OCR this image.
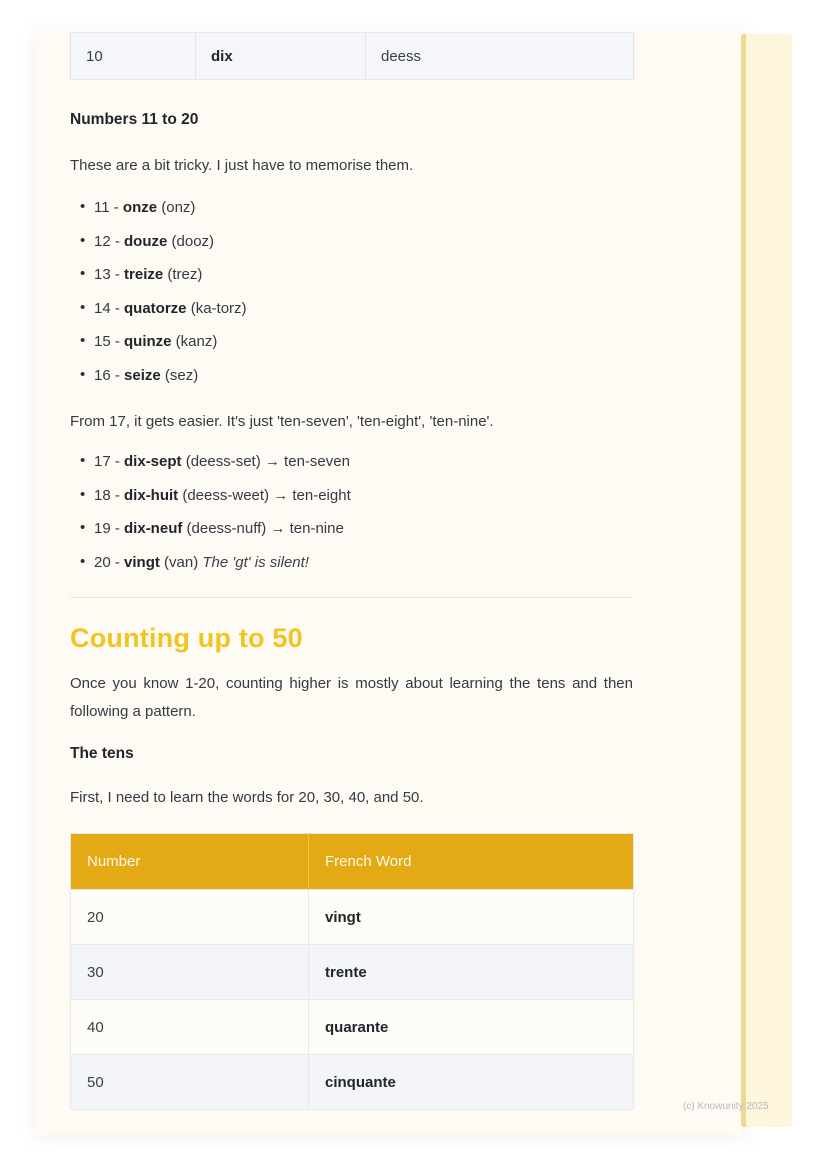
10	dix	deess
Numbers 11 to 20

These are a bit tricky. I just have to memorise them.

• 11 - onze (onz)
• 12 - douze (dooz)
• 13 - treize (trez)
• 14 - quatorze (ka-torz)
• 15 - quinze (kanz)
• 16 - seize (sez)

From 17, it gets easier. It's just 'ten-seven', 'ten-eight', 'ten-nine'.

• 17 - dix-sept (deess-set) → ten-seven
• 18 - dix-huit (deess-weet) → ten-eight
• 19 - dix-neuf (deess-nuff) → ten-nine
• 20 - vingt (van) The 'gt' is silent!
Counting up to 50

Once you know 1-20, counting higher is mostly about learning the tens and then following a pattern.

The tens

First, I need to learn the words for 20, 30, 40, and 50.

Number	French Word
20	vingt
30	trente
40	quarante
50	cinquante
(c) Knowunity 2025
